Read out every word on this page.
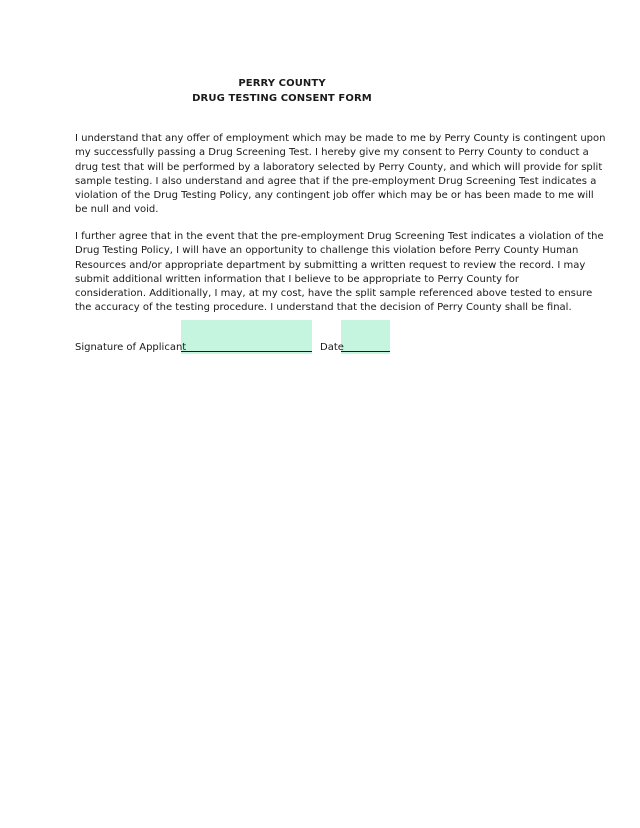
PERRY COUNTY
DRUG TESTING CONSENT FORM

I understand that any offer of employment which may be made to me by Perry County is contingent upon
my successfully passing a Drug Screening Test. I hereby give my consent to Perry County to conduct a
drug test that will be performed by a laboratory selected by Perry County, and which will provide for split
sample testing. I also understand and agree that if the pre-employment Drug Screening Test indicates a
violation of the Drug Testing Policy, any contingent job offer which may be or has been made to me will
be null and void.

I further agree that in the event that the pre-employment Drug Screening Test indicates a violation of the
Drug Testing Policy, I will have an opportunity to challenge this violation before Perry County Human
Resources and/or appropriate department by submitting a written request to review the record. I may
submit additional written information that I believe to be appropriate to Perry County for
consideration. Additionally, I may, at my cost, have the split sample referenced above tested to ensure
the accuracy of the testing procedure. I understand that the decision of Perry County shall be final.

Signature of Applicant	Date
